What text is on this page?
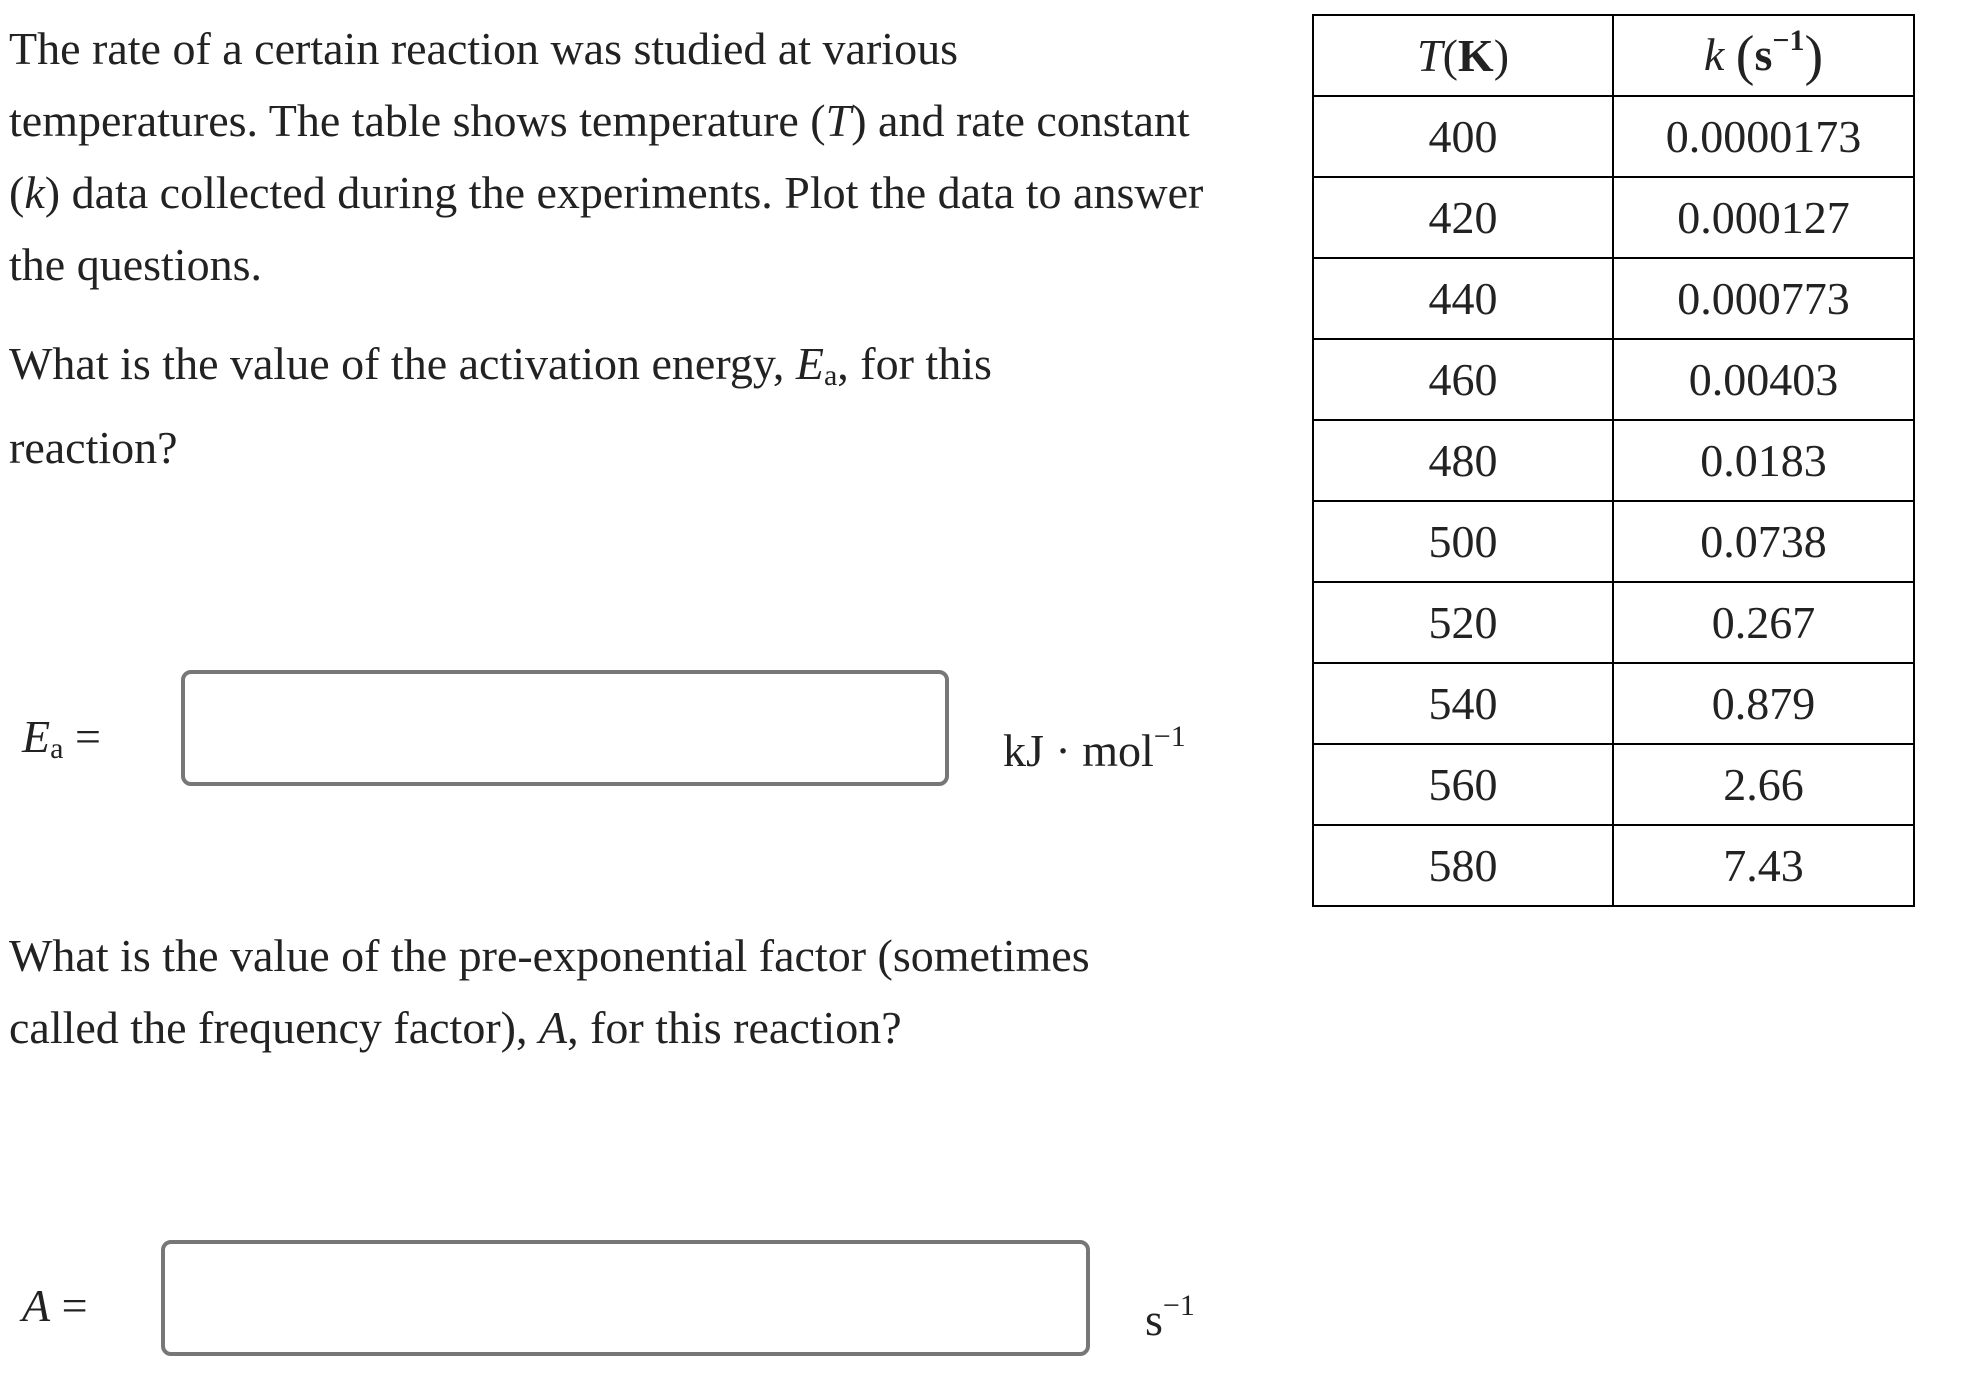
The rate of a certain reaction was studied at various temperatures. The table shows temperature (T) and rate constant (k) data collected during the experiments. Plot the data to answer the questions.

What is the value of the activation energy, $E_a$, for this reaction?

$E_a$ =	kJ · mol$^{-1}$

What is the value of the pre-exponential factor (sometimes called the frequency factor), A, for this reaction?

A =	$s^{-1}$
T(K)	k $(s^{-1})$
400	0.0000173
420	0.000127
440	0.000773
460	0.00403
480	0.0183
500	0.0738
520	0.267
540	0.879
560	2.66
580	7.43
